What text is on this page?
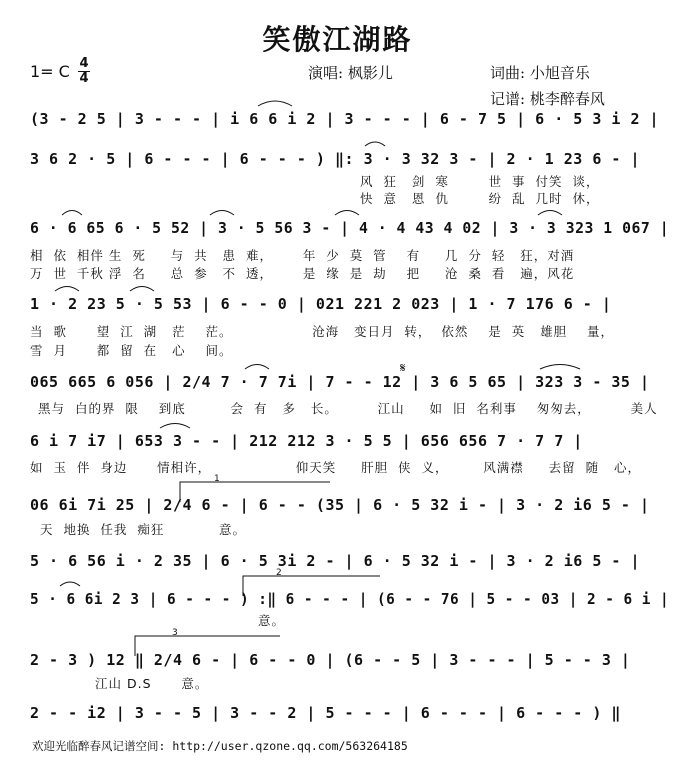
笑傲江湖路
1= C 4
4	演唱: 枫影儿	词曲: 小旭音乐
记谱: 桃李醉春风
(3 - 2 5 | 3 - - - | i 6 6 i 2 | 3 - - - | 6 - 7 5 | 6 · 5 3 i 2 |
3 6 2 · 5 | 6 - - - | 6 - - - ) ‖: 3 · 3 32 3 - | 2 · 1 23 6 - |
6 · 6 65 6 · 5 52 | 3 · 5 56 3 - | 4 · 4 43 4 02 | 3 · 3 323 1 067 |
1 · 2 23 5 · 5 53 | 6 - - 0 | 021 221 2 023 | 1 · 7 176 6 - |
065 665 6 056 | 2/4 7 · 7 7i | 7 - - 12 | 3 6 5 65 | 323 3 - 35 |
6 i 7 i7 | 653 3 - - | 212 212 3 · 5 5 | 656 656 7 · 7 7 |
06 6i 7i 25 | 2/4 6 - | 6 - - (35 | 6 · 5 32 i - | 3 · 2 i6 5 - |
5 · 6 56 i · 2 35 | 6 · 5 3i 2 - | 6 · 5 32 i - | 3 · 2 i6 5 - |
5 · 6 6i 2 3 | 6 - - - ) :‖ 6 - - - | (6 - - 76 | 5 - - 03 | 2 - 6 i |
2 - 3 ) 12 ‖ 2/4 6 - | 6 - - 0 | (6 - - 5 | 3 - - - | 5 - - 3 |
2 - - i2 | 3 - - 5 | 3 - - 2 | 5 - - - | 6 - - - | 6 - - - ) ‖
风  狂   剑  寒        世  事  付笑  谈，
快  意   恩  仇        纷  乱  几时  休，
相  依  相伴 生  死     与  共   患  难，      年  少  莫  管    有     几  分  轻   狂，对酒
万  世  千秋 浮  名     总  参   不  透，      是  缘  是  劫    把     沧  桑  看   遍，风花
当  歌      望  江  湖   茫    茫。                沧海   变日月  转，  依然    是  英   雄胆    量，
雪  月      都  留  在   心    间。
黑与  白的界  限    到底         会  有   多   长。        江山     如  旧  名利事    匆匆去，        美人
如  玉  伴  身边      情相许，                 仰天笑     肝胆  侠  义，       风满襟     去留  随   心，
天  地换  任我  痴狂           意。
意。
江山 D.S      意。
欢迎光临醉春风记谱空间: http://user.qzone.qq.com/563264185
1
2
3
𝄋
